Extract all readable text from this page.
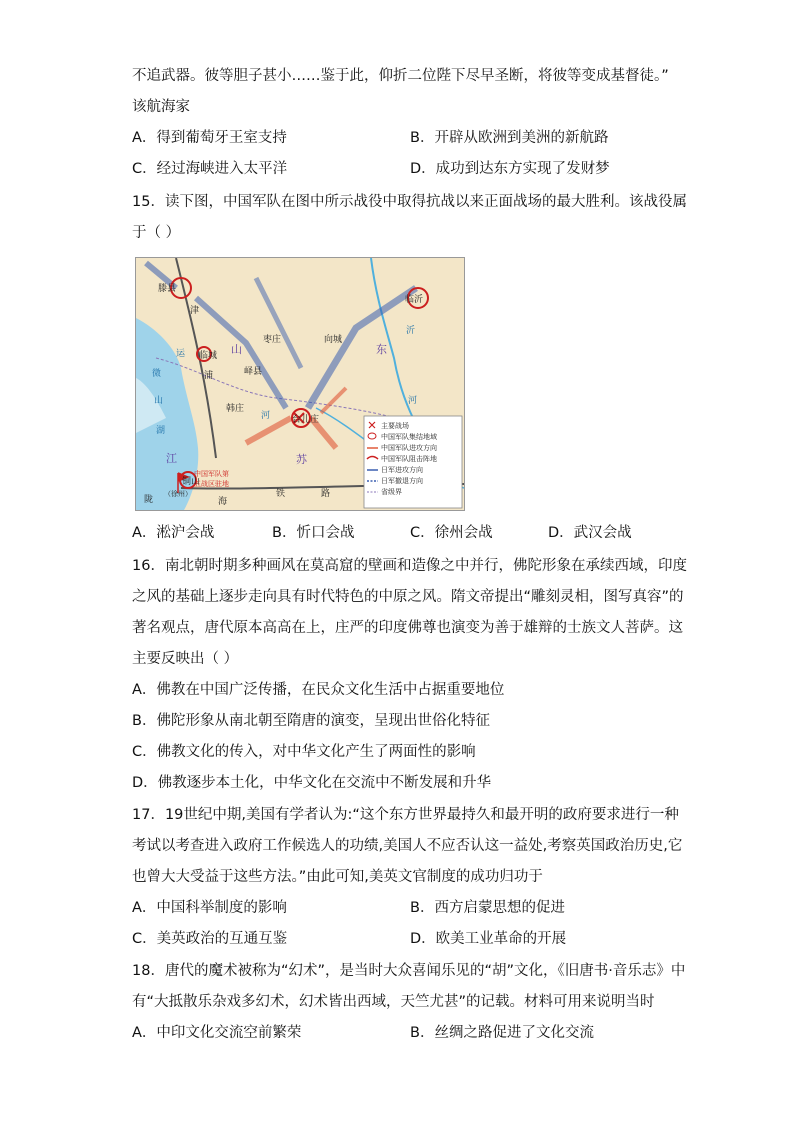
不追武器。彼等胆子甚小……鉴于此，仰折二位陛下尽早圣断，将彼等变成基督徒。”
该航海家
A．得到葡萄牙王室支持	B．开辟从欧洲到美洲的新航路
C．经过海峡进入太平洋	D．成功到达东方实现了发财梦
15．读下图，中国军队在图中所示战役中取得抗战以来正面战场的最大胜利。该战役属
于（ ）
滕县
临沂
枣庄	向城
临城
峄县
韩庄
台儿庄
铜山
（徐州）
中国军队第
五战区驻地
山	东
江	苏
运
河
微
山
湖
津
浦
陇	海
铁	路
沂
河
主要战场
中国军队集结地域
中国军队进攻方向
中国军队阻击阵地
日军进攻方向
日军撤退方向
省级界
A．淞沪会战	B．忻口会战	C．徐州会战	D．武汉会战
16．南北朝时期多种画风在莫高窟的壁画和造像之中并行，佛陀形象在承续西域，印度
之风的基础上逐步走向具有时代特色的中原之风。隋文帝提出“雕刻灵相，图写真容”的
著名观点，唐代原本高高在上，庄严的印度佛尊也演变为善于雄辩的士族文人菩萨。这
主要反映出（ ）
A．佛教在中国广泛传播，在民众文化生活中占据重要地位
B．佛陀形象从南北朝至隋唐的演变，呈现出世俗化特征
C．佛教文化的传入，对中华文化产生了两面性的影响
D．佛教逐步本土化，中华文化在交流中不断发展和升华
17．19世纪中期,美国有学者认为:“这个东方世界最持久和最开明的政府要求进行一种
考试以考查进入政府工作候选人的功绩,美国人不应否认这一益处,考察英国政治历史,它
也曾大大受益于这些方法。”由此可知,美英文官制度的成功归功于
A．中国科举制度的影响	B．西方启蒙思想的促进
C．美英政治的互通互鉴	D．欧美工业革命的开展
18．唐代的魔术被称为“幻术”，是当时大众喜闻乐见的“胡”文化，《旧唐书·音乐志》中
有“大抵散乐杂戏多幻术，幻术皆出西域，天竺尤甚”的记载。材料可用来说明当时
A．中印文化交流空前繁荣	B．丝绸之路促进了文化交流
